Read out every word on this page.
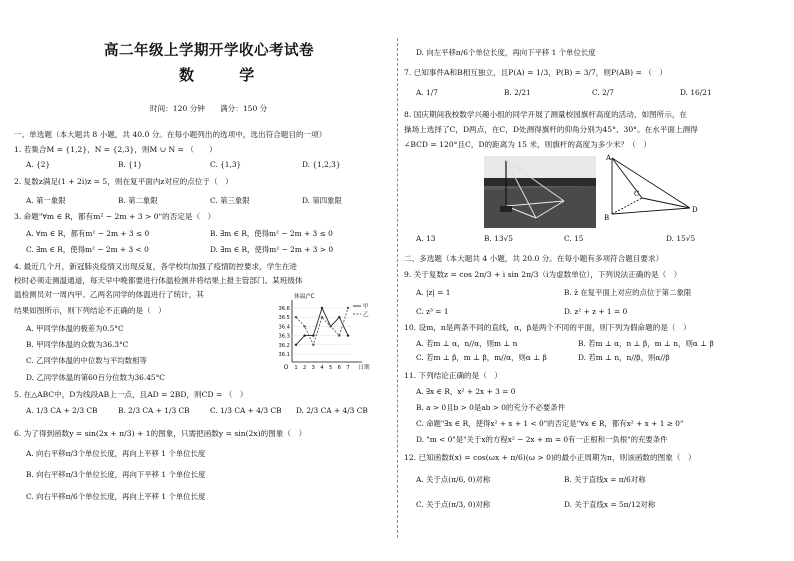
高二年级上学期开学收心考试卷
数 学
时间：120 分钟　　满分：150 分
一、单选题（本大题共 8 小题，共 40.0 分。在每小题列出的选项中，选出符合题目的一项）
1. 若集合M = {1,2}，N = {2,3}，则M ∪ N = （　　）
A. {2}	B. {1}	C. {1,3}	D. {1,2,3}
2. 复数z满足(1 + 2i)z = 5，则在复平面内z对应的点位于（　）
A. 第一象限	B. 第二象限	C. 第三象限	D. 第四象限
3. 命题"∀m ∈ R，都有m² − 2m + 3 > 0"的否定是（　）
A. ∀m ∈ R，都有m² − 2m + 3 ≤ 0	B. ∃m ∈ R，使得m² − 2m + 3 ≤ 0
C. ∃m ∈ R，使得m² − 2m + 3 < 0	D. ∃m ∈ R，使得m² − 2m + 3 > 0
4. 最近几个月，新冠肺炎疫情又出现反复，各学校均加强了疫情防控要求，学生在进
校时必须走测温通道，每天早中晚都要进行体温检测并将结果上报主管部门。某班级体
温检测员对一周内甲、乙两名同学的体温进行了统计，其
结果如图所示，则下列结论不正确的是（　）
A. 甲同学体温的极差为0.5°C
B. 甲同学体温的众数为36.3°C
C. 乙同学体温的中位数与平均数相等
D. 乙同学体温的第60百分位数为36.45°C
36.1
36.2
36.3
36.4
36.5
36.6
1 2 3 4 5 6 7
O	日期
体温/°C
甲
乙
5. 在△ABC中，D为线段AB上一点，且AD = 2BD，则CD = （　）
A. 1/3 CA + 2/3 CB	B. 2/3 CA + 1/3 CB	C. 1/3 CA + 4/3 CB D. 2/3 CA + 4/3 CB
6. 为了得到函数y = sin(2x + π/3) + 1的图象，只需把函数y = sin(2x)的图象（　）
A. 向右平移π/3个单位长度，再向上平移 1 个单位长度
B. 向右平移π/3个单位长度，再向下平移 1 个单位长度
C. 向右平移π/6个单位长度，再向上平移 1 个单位长度
D. 向左平移π/6个单位长度，再向下平移 1 个单位长度
7. 已知事件A和B相互独立，且P(A) = 1/3，P(B) = 3/7，则P(AB) = （　）
A. 1/7	B. 2/21	C. 2/7	D. 16/21
8. 国庆期间我校数学兴趣小组的同学开展了测量校园旗杆高度的活动，如图所示，在
操场上选择了C，D两点，在C，D处测得旗杆的仰角分别为45°、30°。在水平面上测得
∠BCD = 120°且C，D的距离为 15 米，则旗杆的高度为多少米？（　）
A
B
C
D
A. 13	B. 13√5	C. 15	D. 15√5
二、多选题（本大题共 4 小题，共 20.0 分。在每小题有多项符合题目要求）
9. 关于复数z = cos 2π/3 + i sin 2π/3（i为虚数单位），下列说法正确的是（　）
A. |z| = 1	B. z̄ 在复平面上对应的点位于第二象限
C. z³ = 1	D. z² + z + 1 = 0
10. 设m，n是两条不同的直线，α，β是两个不同的平面，则下列为假命题的是（　）
A. 若m ⊥ α，n//α，则m ⊥ n	B. 若m ⊥ α，n ⊥ β，m ⊥ n，则α ⊥ β
C. 若m ⊥ β，m ⊥ β，m//α，则α ⊥ β	D. 若m ⊥ n，n//β，则α//β
11. 下列结论正确的是（　）
A. ∃x ∈ R，x² + 2x + 3 = 0
B. a > 0且b > 0是ab > 0的充分不必要条件
C. 命题"∃x ∈ R，使得x² + x + 1 < 0"的否定是"∀x ∈ R，都有x² + x + 1 ≥ 0"
D. "m < 0"是"关于x的方程x² − 2x + m = 0有一正根和一负根"的充要条件
12. 已知函数f(x) = cos(ωx + π/6)(ω > 0)的最小正周期为π，则该函数的图象（　）
A. 关于点(π/6, 0)对称	B. 关于直线x = π/6对称
C. 关于点(π/3, 0)对称	D. 关于直线x = 5π/12对称
